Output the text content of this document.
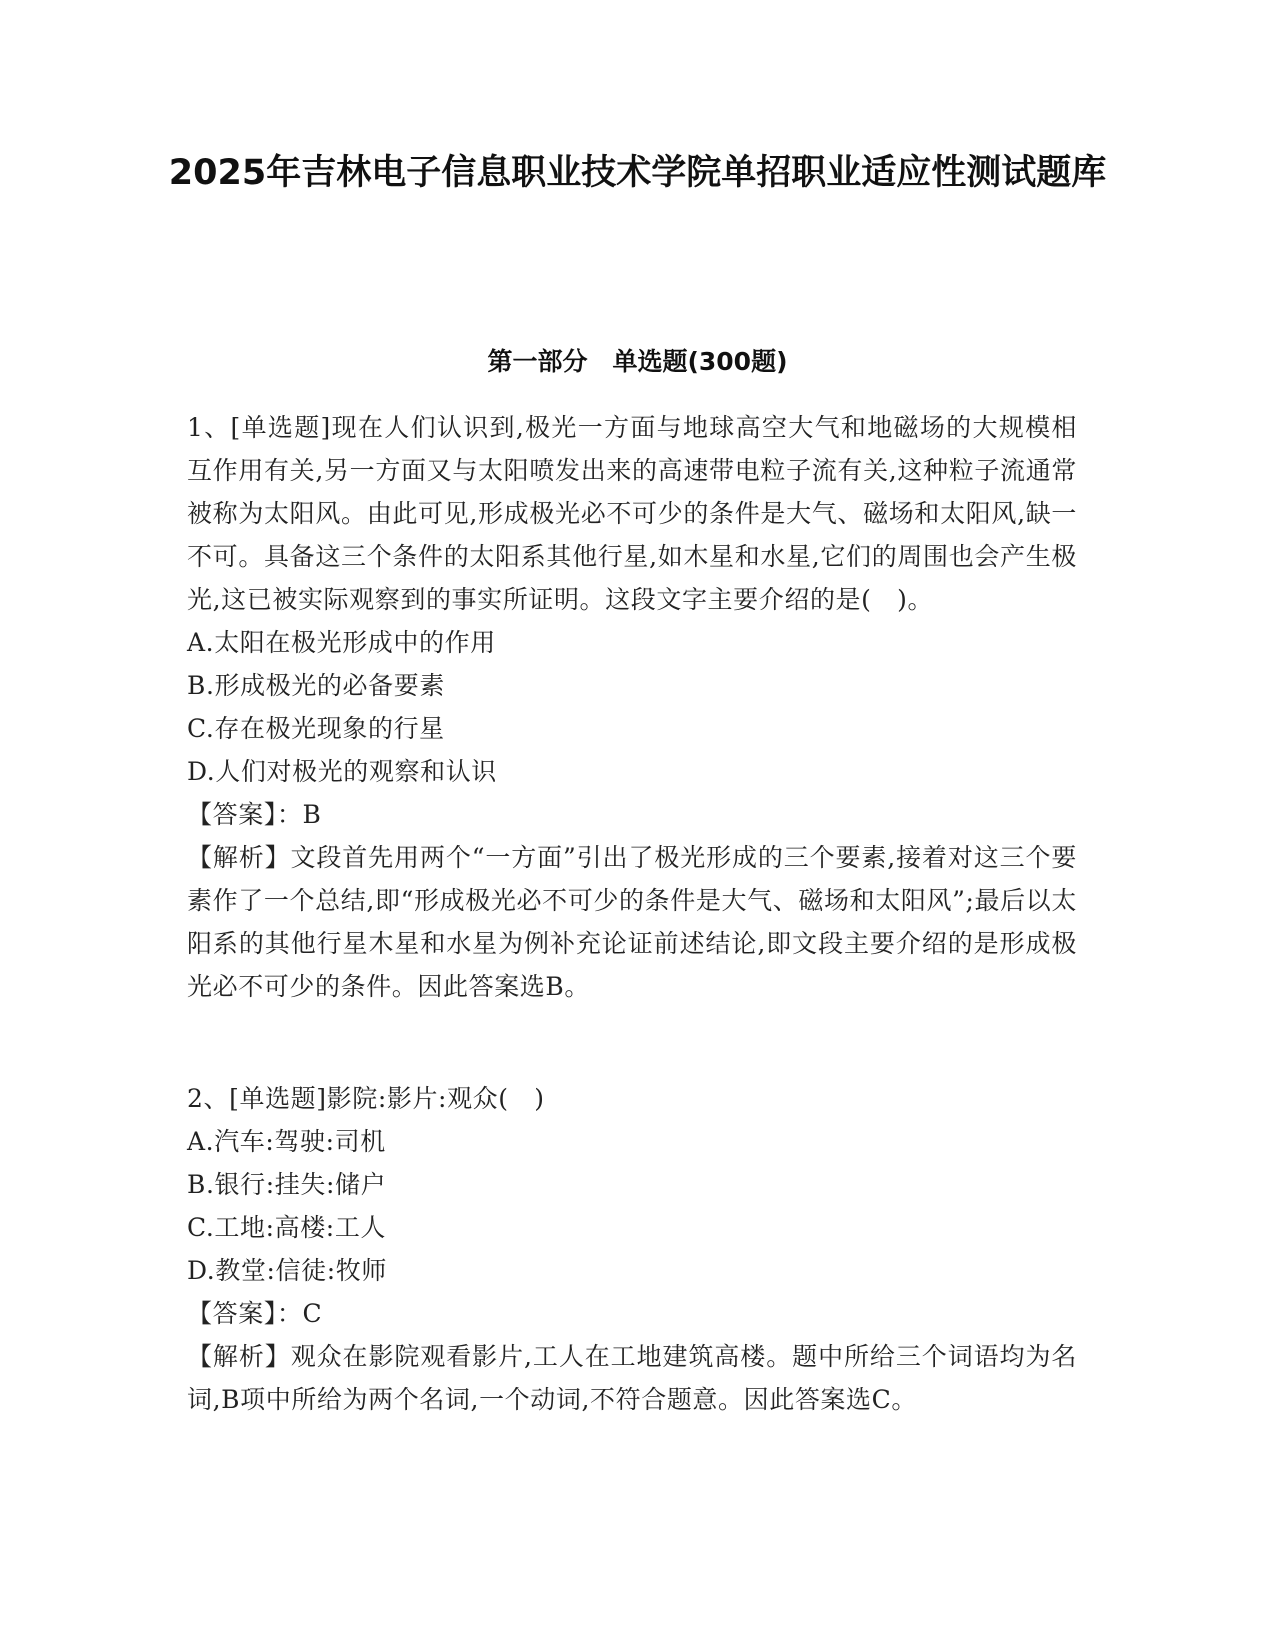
2025年吉林电子信息职业技术学院单招职业适应性测试题库
第一部分　单选题(300题)

1、[单选题]现在人们认识到,极光一方面与地球高空大气和地磁场的大规模相互作用有关,另一方面又与太阳喷发出来的高速带电粒子流有关,这种粒子流通常被称为太阳风。由此可见,形成极光必不可少的条件是大气、磁场和太阳风,缺一不可。具备这三个条件的太阳系其他行星,如木星和水星,它们的周围也会产生极光,这已被实际观察到的事实所证明。这段文字主要介绍的是(　)。

A.太阳在极光形成中的作用

B.形成极光的必备要素

C.存在极光现象的行星

D.人们对极光的观察和认识

【答案】：B

【解析】文段首先用两个“一方面”引出了极光形成的三个要素,接着对这三个要素作了一个总结,即“形成极光必不可少的条件是大气、磁场和太阳风”;最后以太阳系的其他行星木星和水星为例补充论证前述结论,即文段主要介绍的是形成极光必不可少的条件。因此答案选B。

2、[单选题]影院:影片:观众(　)

A.汽车:驾驶:司机

B.银行:挂失:储户

C.工地:高楼:工人

D.教堂:信徒:牧师

【答案】：C

【解析】观众在影院观看影片,工人在工地建筑高楼。题中所给三个词语均为名词,B项中所给为两个名词,一个动词,不符合题意。因此答案选C。
